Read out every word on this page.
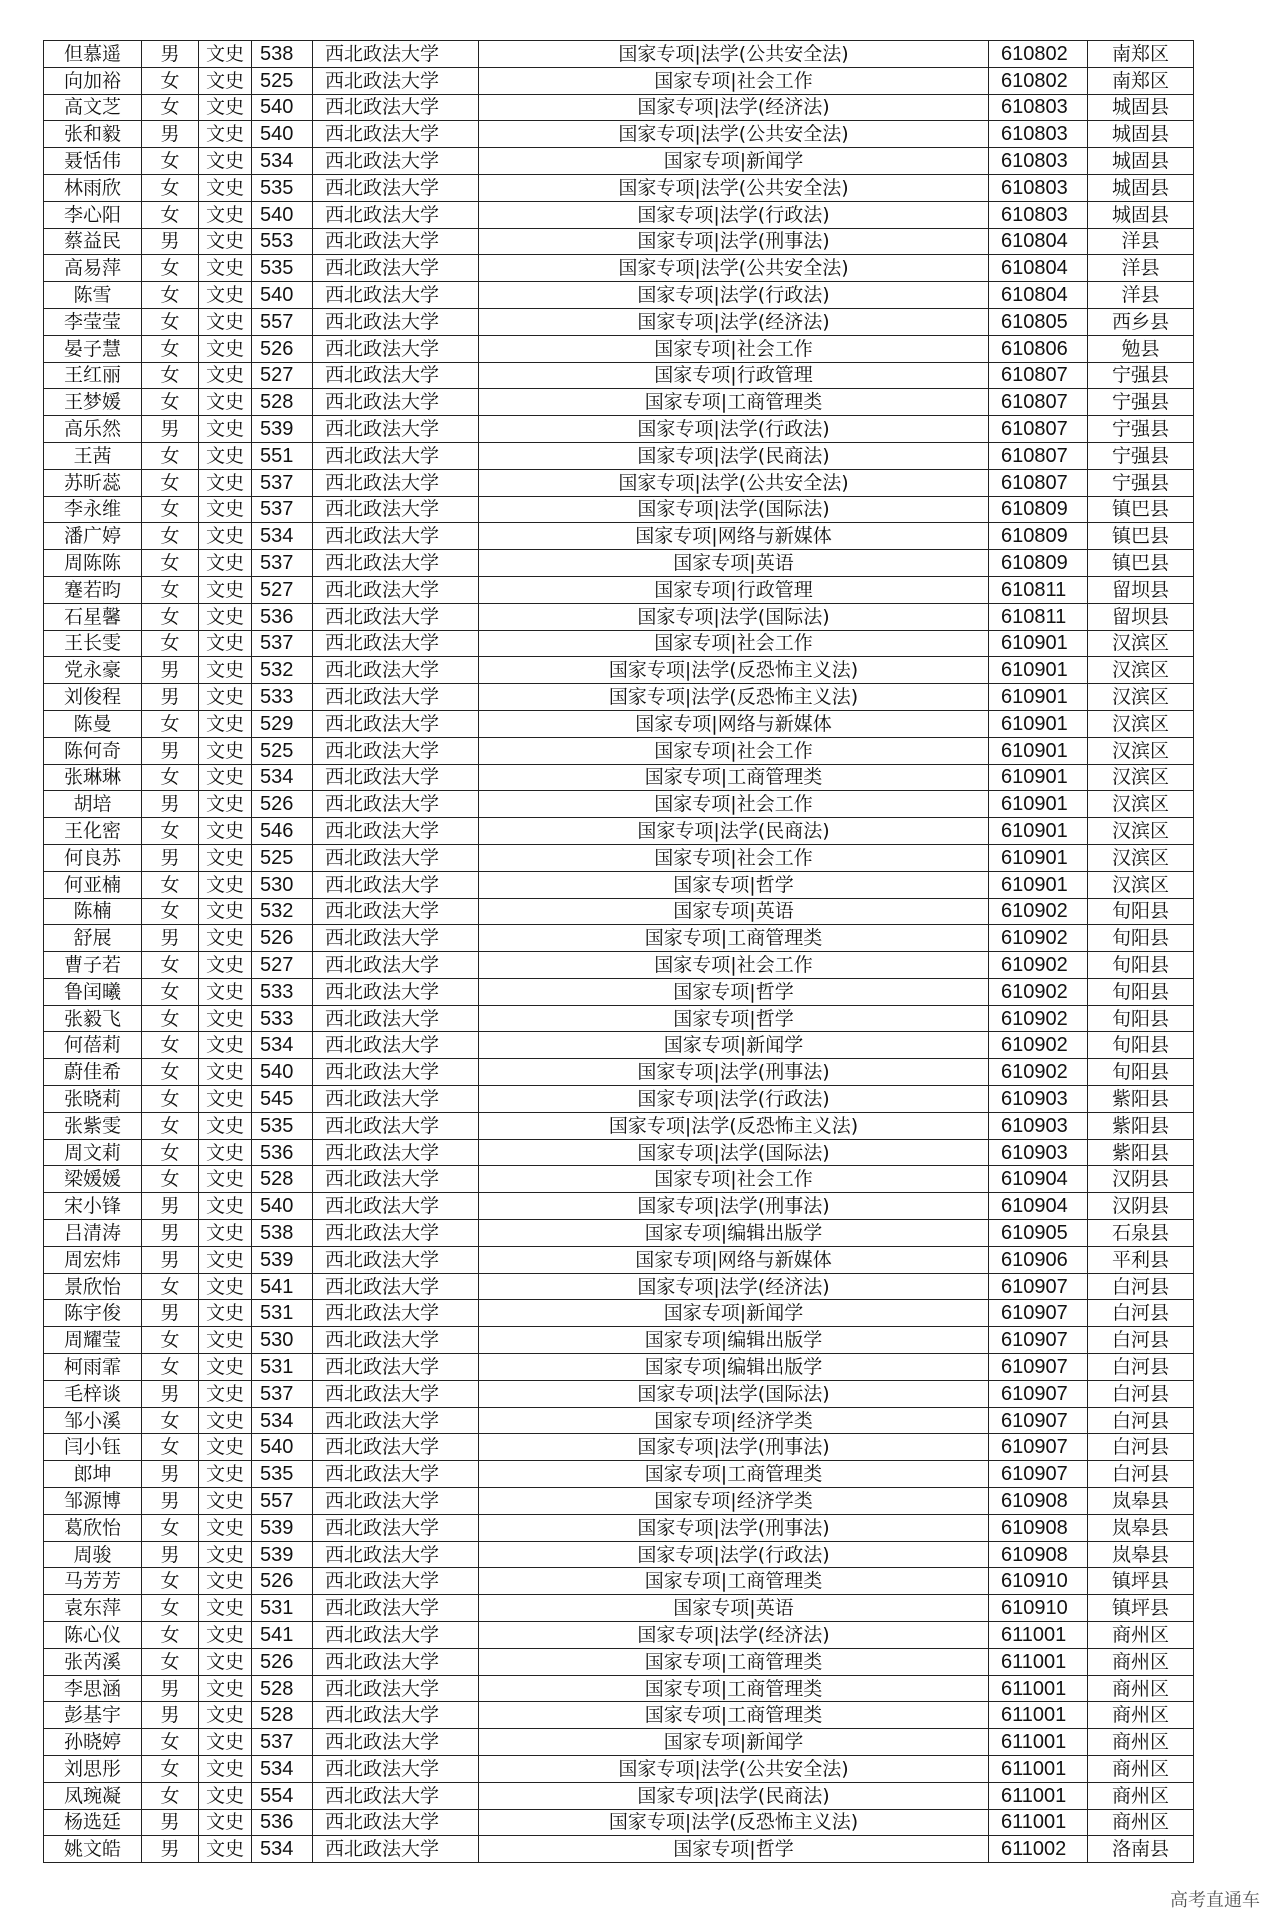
但慕遥	男	文史	538	西北政法大学	国家专项|法学(公共安全法)	610802	南郑区
向加裕	女	文史	525	西北政法大学	国家专项|社会工作	610802	南郑区
高文芝	女	文史	540	西北政法大学	国家专项|法学(经济法)	610803	城固县
张和毅	男	文史	540	西北政法大学	国家专项|法学(公共安全法)	610803	城固县
聂恬伟	女	文史	534	西北政法大学	国家专项|新闻学	610803	城固县
林雨欣	女	文史	535	西北政法大学	国家专项|法学(公共安全法)	610803	城固县
李心阳	女	文史	540	西北政法大学	国家专项|法学(行政法)	610803	城固县
蔡益民	男	文史	553	西北政法大学	国家专项|法学(刑事法)	610804	洋县
高易萍	女	文史	535	西北政法大学	国家专项|法学(公共安全法)	610804	洋县
陈雪	女	文史	540	西北政法大学	国家专项|法学(行政法)	610804	洋县
李莹莹	女	文史	557	西北政法大学	国家专项|法学(经济法)	610805	西乡县
晏子慧	女	文史	526	西北政法大学	国家专项|社会工作	610806	勉县
王红丽	女	文史	527	西北政法大学	国家专项|行政管理	610807	宁强县
王梦媛	女	文史	528	西北政法大学	国家专项|工商管理类	610807	宁强县
高乐然	男	文史	539	西北政法大学	国家专项|法学(行政法)	610807	宁强县
王茜	女	文史	551	西北政法大学	国家专项|法学(民商法)	610807	宁强县
苏昕蕊	女	文史	537	西北政法大学	国家专项|法学(公共安全法)	610807	宁强县
李永维	女	文史	537	西北政法大学	国家专项|法学(国际法)	610809	镇巴县
潘广婷	女	文史	534	西北政法大学	国家专项|网络与新媒体	610809	镇巴县
周陈陈	女	文史	537	西北政法大学	国家专项|英语	610809	镇巴县
蹇若昀	女	文史	527	西北政法大学	国家专项|行政管理	610811	留坝县
石星馨	女	文史	536	西北政法大学	国家专项|法学(国际法)	610811	留坝县
王长雯	女	文史	537	西北政法大学	国家专项|社会工作	610901	汉滨区
党永豪	男	文史	532	西北政法大学	国家专项|法学(反恐怖主义法)	610901	汉滨区
刘俊程	男	文史	533	西北政法大学	国家专项|法学(反恐怖主义法)	610901	汉滨区
陈曼	女	文史	529	西北政法大学	国家专项|网络与新媒体	610901	汉滨区
陈何奇	男	文史	525	西北政法大学	国家专项|社会工作	610901	汉滨区
张琳琳	女	文史	534	西北政法大学	国家专项|工商管理类	610901	汉滨区
胡培	男	文史	526	西北政法大学	国家专项|社会工作	610901	汉滨区
王化密	女	文史	546	西北政法大学	国家专项|法学(民商法)	610901	汉滨区
何良苏	男	文史	525	西北政法大学	国家专项|社会工作	610901	汉滨区
何亚楠	女	文史	530	西北政法大学	国家专项|哲学	610901	汉滨区
陈楠	女	文史	532	西北政法大学	国家专项|英语	610902	旬阳县
舒展	男	文史	526	西北政法大学	国家专项|工商管理类	610902	旬阳县
曹子若	女	文史	527	西北政法大学	国家专项|社会工作	610902	旬阳县
鲁闰曦	女	文史	533	西北政法大学	国家专项|哲学	610902	旬阳县
张毅飞	女	文史	533	西北政法大学	国家专项|哲学	610902	旬阳县
何蓓莉	女	文史	534	西北政法大学	国家专项|新闻学	610902	旬阳县
蔚佳希	女	文史	540	西北政法大学	国家专项|法学(刑事法)	610902	旬阳县
张晓莉	女	文史	545	西北政法大学	国家专项|法学(行政法)	610903	紫阳县
张紫雯	女	文史	535	西北政法大学	国家专项|法学(反恐怖主义法)	610903	紫阳县
周文莉	女	文史	536	西北政法大学	国家专项|法学(国际法)	610903	紫阳县
梁媛媛	女	文史	528	西北政法大学	国家专项|社会工作	610904	汉阴县
宋小锋	男	文史	540	西北政法大学	国家专项|法学(刑事法)	610904	汉阴县
吕清涛	男	文史	538	西北政法大学	国家专项|编辑出版学	610905	石泉县
周宏炜	男	文史	539	西北政法大学	国家专项|网络与新媒体	610906	平利县
景欣怡	女	文史	541	西北政法大学	国家专项|法学(经济法)	610907	白河县
陈宇俊	男	文史	531	西北政法大学	国家专项|新闻学	610907	白河县
周耀莹	女	文史	530	西北政法大学	国家专项|编辑出版学	610907	白河县
柯雨霏	女	文史	531	西北政法大学	国家专项|编辑出版学	610907	白河县
毛梓谈	男	文史	537	西北政法大学	国家专项|法学(国际法)	610907	白河县
邹小溪	女	文史	534	西北政法大学	国家专项|经济学类	610907	白河县
闫小钰	女	文史	540	西北政法大学	国家专项|法学(刑事法)	610907	白河县
郎坤	男	文史	535	西北政法大学	国家专项|工商管理类	610907	白河县
邹源博	男	文史	557	西北政法大学	国家专项|经济学类	610908	岚皋县
葛欣怡	女	文史	539	西北政法大学	国家专项|法学(刑事法)	610908	岚皋县
周骏	男	文史	539	西北政法大学	国家专项|法学(行政法)	610908	岚皋县
马芳芳	女	文史	526	西北政法大学	国家专项|工商管理类	610910	镇坪县
袁东萍	女	文史	531	西北政法大学	国家专项|英语	610910	镇坪县
陈心仪	女	文史	541	西北政法大学	国家专项|法学(经济法)	611001	商州区
张芮溪	女	文史	526	西北政法大学	国家专项|工商管理类	611001	商州区
李思涵	男	文史	528	西北政法大学	国家专项|工商管理类	611001	商州区
彭基宇	男	文史	528	西北政法大学	国家专项|工商管理类	611001	商州区
孙晓婷	女	文史	537	西北政法大学	国家专项|新闻学	611001	商州区
刘思彤	女	文史	534	西北政法大学	国家专项|法学(公共安全法)	611001	商州区
凤琬凝	女	文史	554	西北政法大学	国家专项|法学(民商法)	611001	商州区
杨选廷	男	文史	536	西北政法大学	国家专项|法学(反恐怖主义法)	611001	商州区
姚文皓	男	文史	534	西北政法大学	国家专项|哲学	611002	洛南县
高考直通车
